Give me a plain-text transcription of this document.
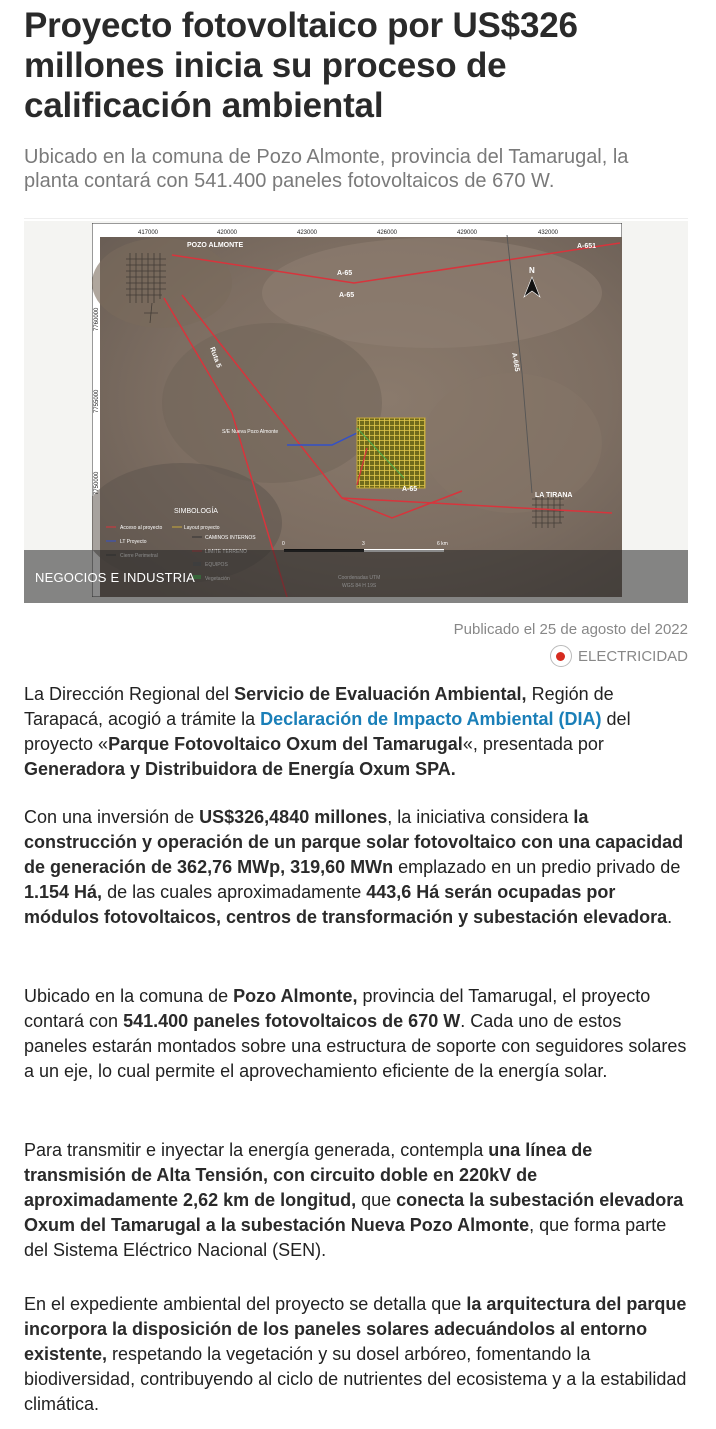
Proyecto fotovoltaico por US$326 millones inicia su proceso de calificación ambiental

Ubicado en la comuna de Pozo Almonte, provincia del Tamarugal, la planta contará con 541.400 paneles fotovoltaicos de 670 W.

417000	420000	423000	426000	429000	432000
7760000
7755000
7750000
POZO ALMONTE
LA TIRANA
A-651
A-65
A-65
A-65
Ruta 5	A-665
S/E Nueva Pozo Almonte
N
SIMBOLOGÍA
Acceso al proyecto	Layout proyecto
LT Proyecto
CAMINOS INTERNOS
0	3	6 km
NEGOCIOS E INDUSTRIA
Publicado el 25 de agosto del 2022
ELECTRICIDAD

La Dirección Regional del Servicio de Evaluación Ambiental, Región de Tarapacá, acogió a trámite la Declaración de Impacto Ambiental (DIA) del proyecto «Parque Fotovoltaico Oxum del Tamarugal«, presentada por Generadora y Distribuidora de Energía Oxum SPA.

Con una inversión de US$326,4840 millones, la iniciativa considera la construcción y operación de un parque solar fotovoltaico con una capacidad de generación de 362,76 MWp, 319,60 MWn emplazado en un predio privado de 1.154 Há, de las cuales aproximadamente 443,6 Há serán ocupadas por módulos fotovoltaicos, centros de transformación y subestación elevadora.

Ubicado en la comuna de Pozo Almonte, provincia del Tamarugal, el proyecto contará con 541.400 paneles fotovoltaicos de 670 W. Cada uno de estos paneles estarán montados sobre una estructura de soporte con seguidores solares a un eje, lo cual permite el aprovechamiento eficiente de la energía solar.

Para transmitir e inyectar la energía generada, contempla una línea de transmisión de Alta Tensión, con circuito doble en 220kV de aproximadamente 2,62 km de longitud, que conecta la subestación elevadora Oxum del Tamarugal a la subestación Nueva Pozo Almonte, que forma parte del Sistema Eléctrico Nacional (SEN).

En el expediente ambiental del proyecto se detalla que la arquitectura del parque incorpora la disposición de los paneles solares adecuándolos al entorno existente, respetando la vegetación y su dosel arbóreo, fomentando la biodiversidad, contribuyendo al ciclo de nutrientes del ecosistema y a la estabilidad climática.
